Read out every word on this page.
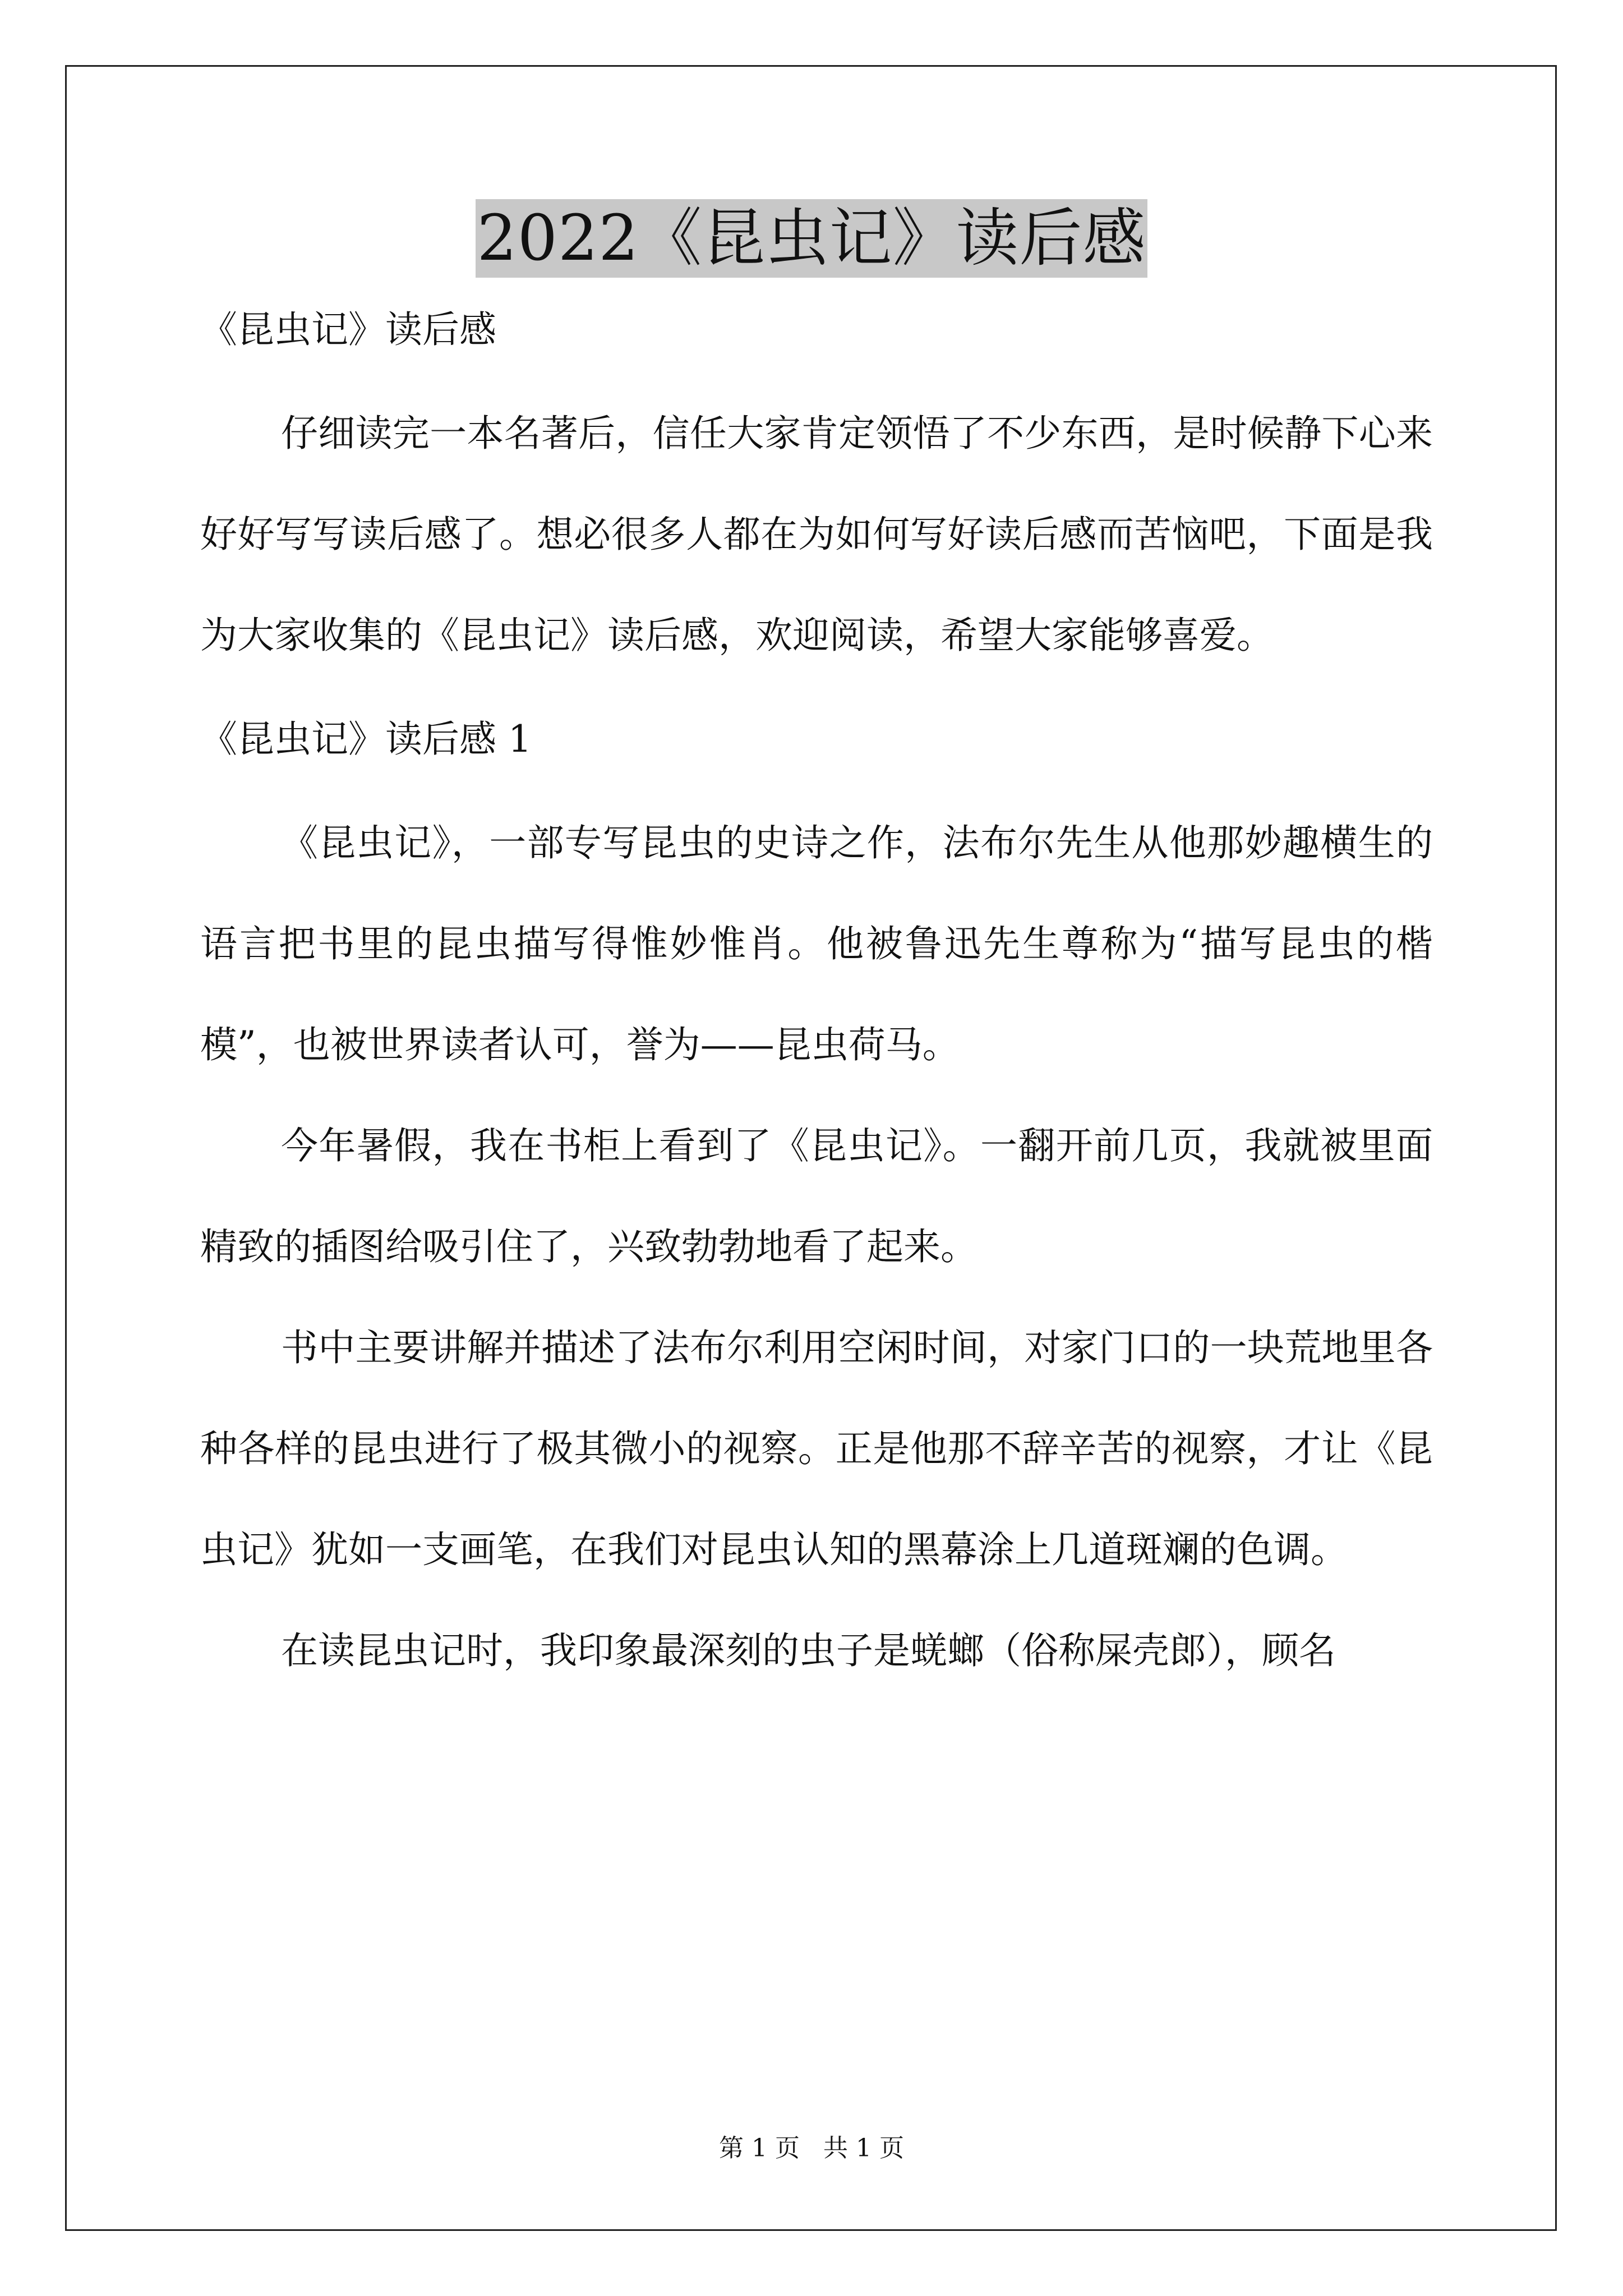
2022《昆虫记》读后感

《昆虫记》读后感

仔细读完一本名著后，信任大家肯定领悟了不少东西，是时候静下心来好好写写读后感了。想必很多人都在为如何写好读后感而苦恼吧，下面是我为大家收集的《昆虫记》读后感，欢迎阅读，希望大家能够喜爱。

《昆虫记》读后感 1

《昆虫记》，一部专写昆虫的史诗之作，法布尔先生从他那妙趣横生的语言把书里的昆虫描写得惟妙惟肖。他被鲁迅先生尊称为“描写昆虫的楷模”，也被世界读者认可，誉为——昆虫荷马。

今年暑假，我在书柜上看到了《昆虫记》。一翻开前几页，我就被里面精致的插图给吸引住了，兴致勃勃地看了起来。

书中主要讲解并描述了法布尔利用空闲时间，对家门口的一块荒地里各种各样的昆虫进行了极其微小的视察。正是他那不辞辛苦的视察，才让《昆虫记》犹如一支画笔，在我们对昆虫认知的黑幕涂上几道斑斓的色调。

在读昆虫记时，我印象最深刻的虫子是蜣螂（俗称屎壳郎），顾名

第 1 页   共 1 页
